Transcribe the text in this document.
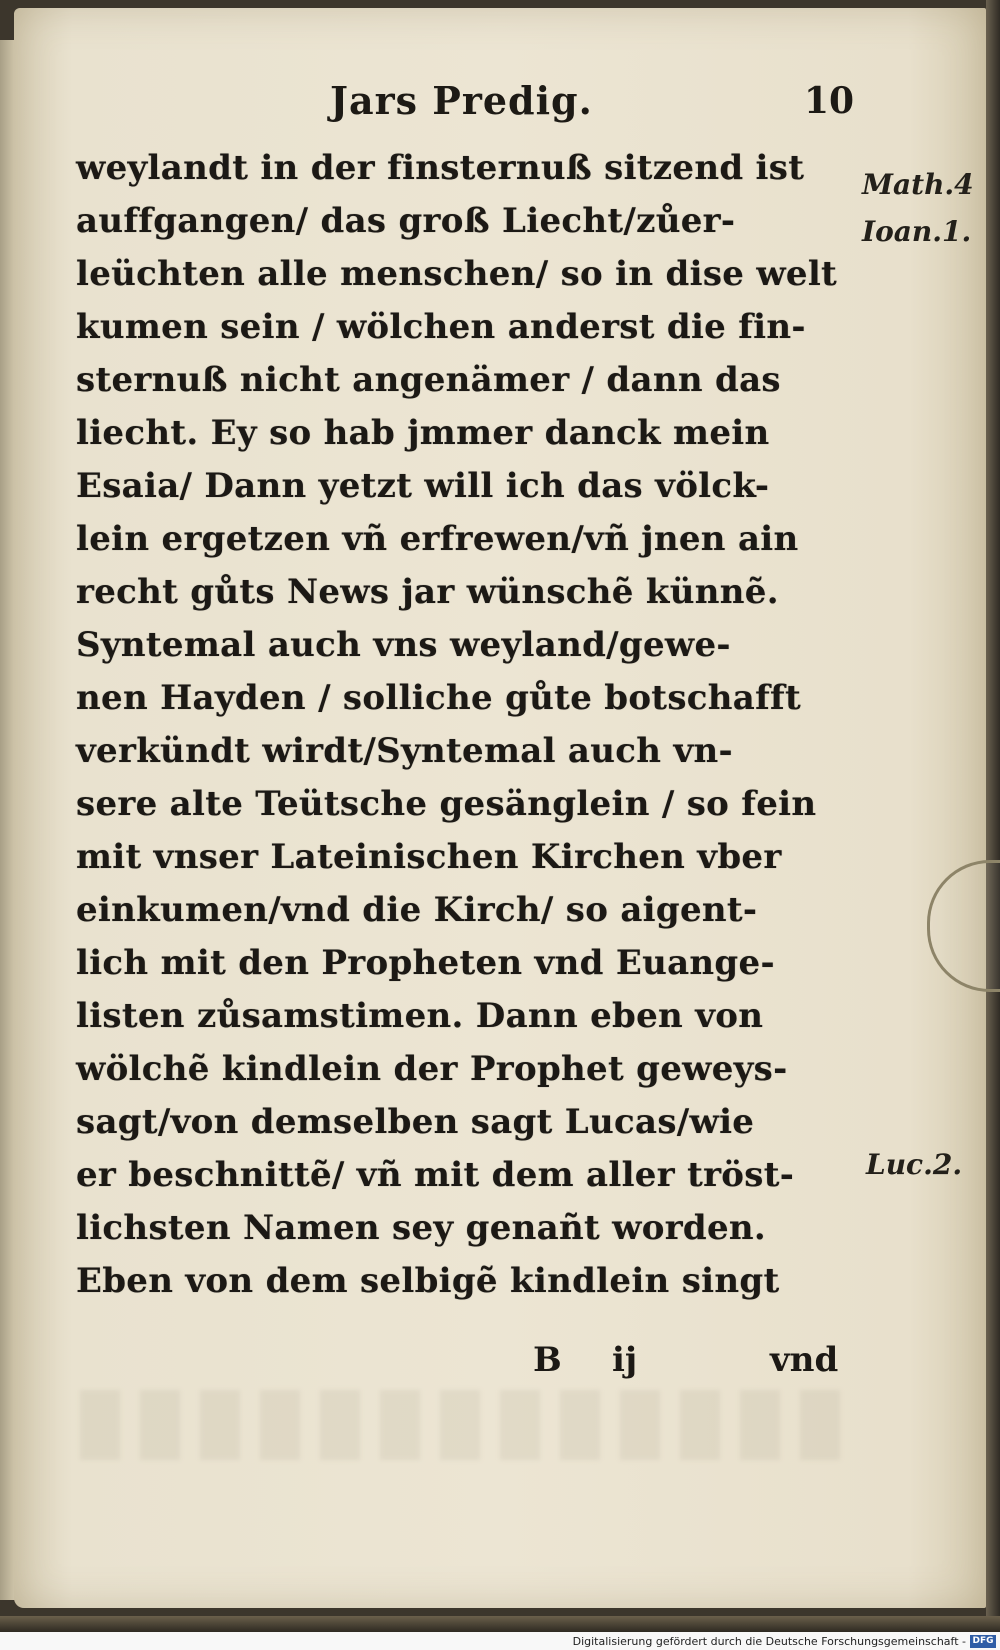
Jars Predig.	10
weylandt in der finsternuß sitzend ist
auffgangen/ das groß Liecht/zůer-
leüchten alle menschen/ so in dise welt
kumen sein / wölchen anderst die fin-
sternuß nicht angenämer / dann das
liecht. Ey so hab jmmer danck mein
Esaia/ Dann yetzt will ich das völck-
lein ergetzen vñ erfrewen/vñ jnen ain
recht gůts News jar wünschẽ künnẽ.
Syntemal auch vns weyland/gewe-
nen Hayden / solliche gůte botschafft
verkündt wirdt/Syntemal auch vn-
sere alte Teütsche gesänglein / so fein
mit vnser Lateinischen Kirchen vber
einkumen/vnd die Kirch/ so aigent-
lich mit den Propheten vnd Euange-
listen zůsamstimen. Dann eben von
wölchẽ kindlein der Prophet geweys-
sagt/von demselben sagt Lucas/wie
er beschnittẽ/ vñ mit dem aller tröst-
lichsten Namen sey genañt worden.
Eben von dem selbigẽ kindlein singt
Math.4
Ioan.1.
Luc.2.
B ij	vnd
Digitalisierung gefördert durch die Deutsche Forschungsgemeinschaft - DFG
